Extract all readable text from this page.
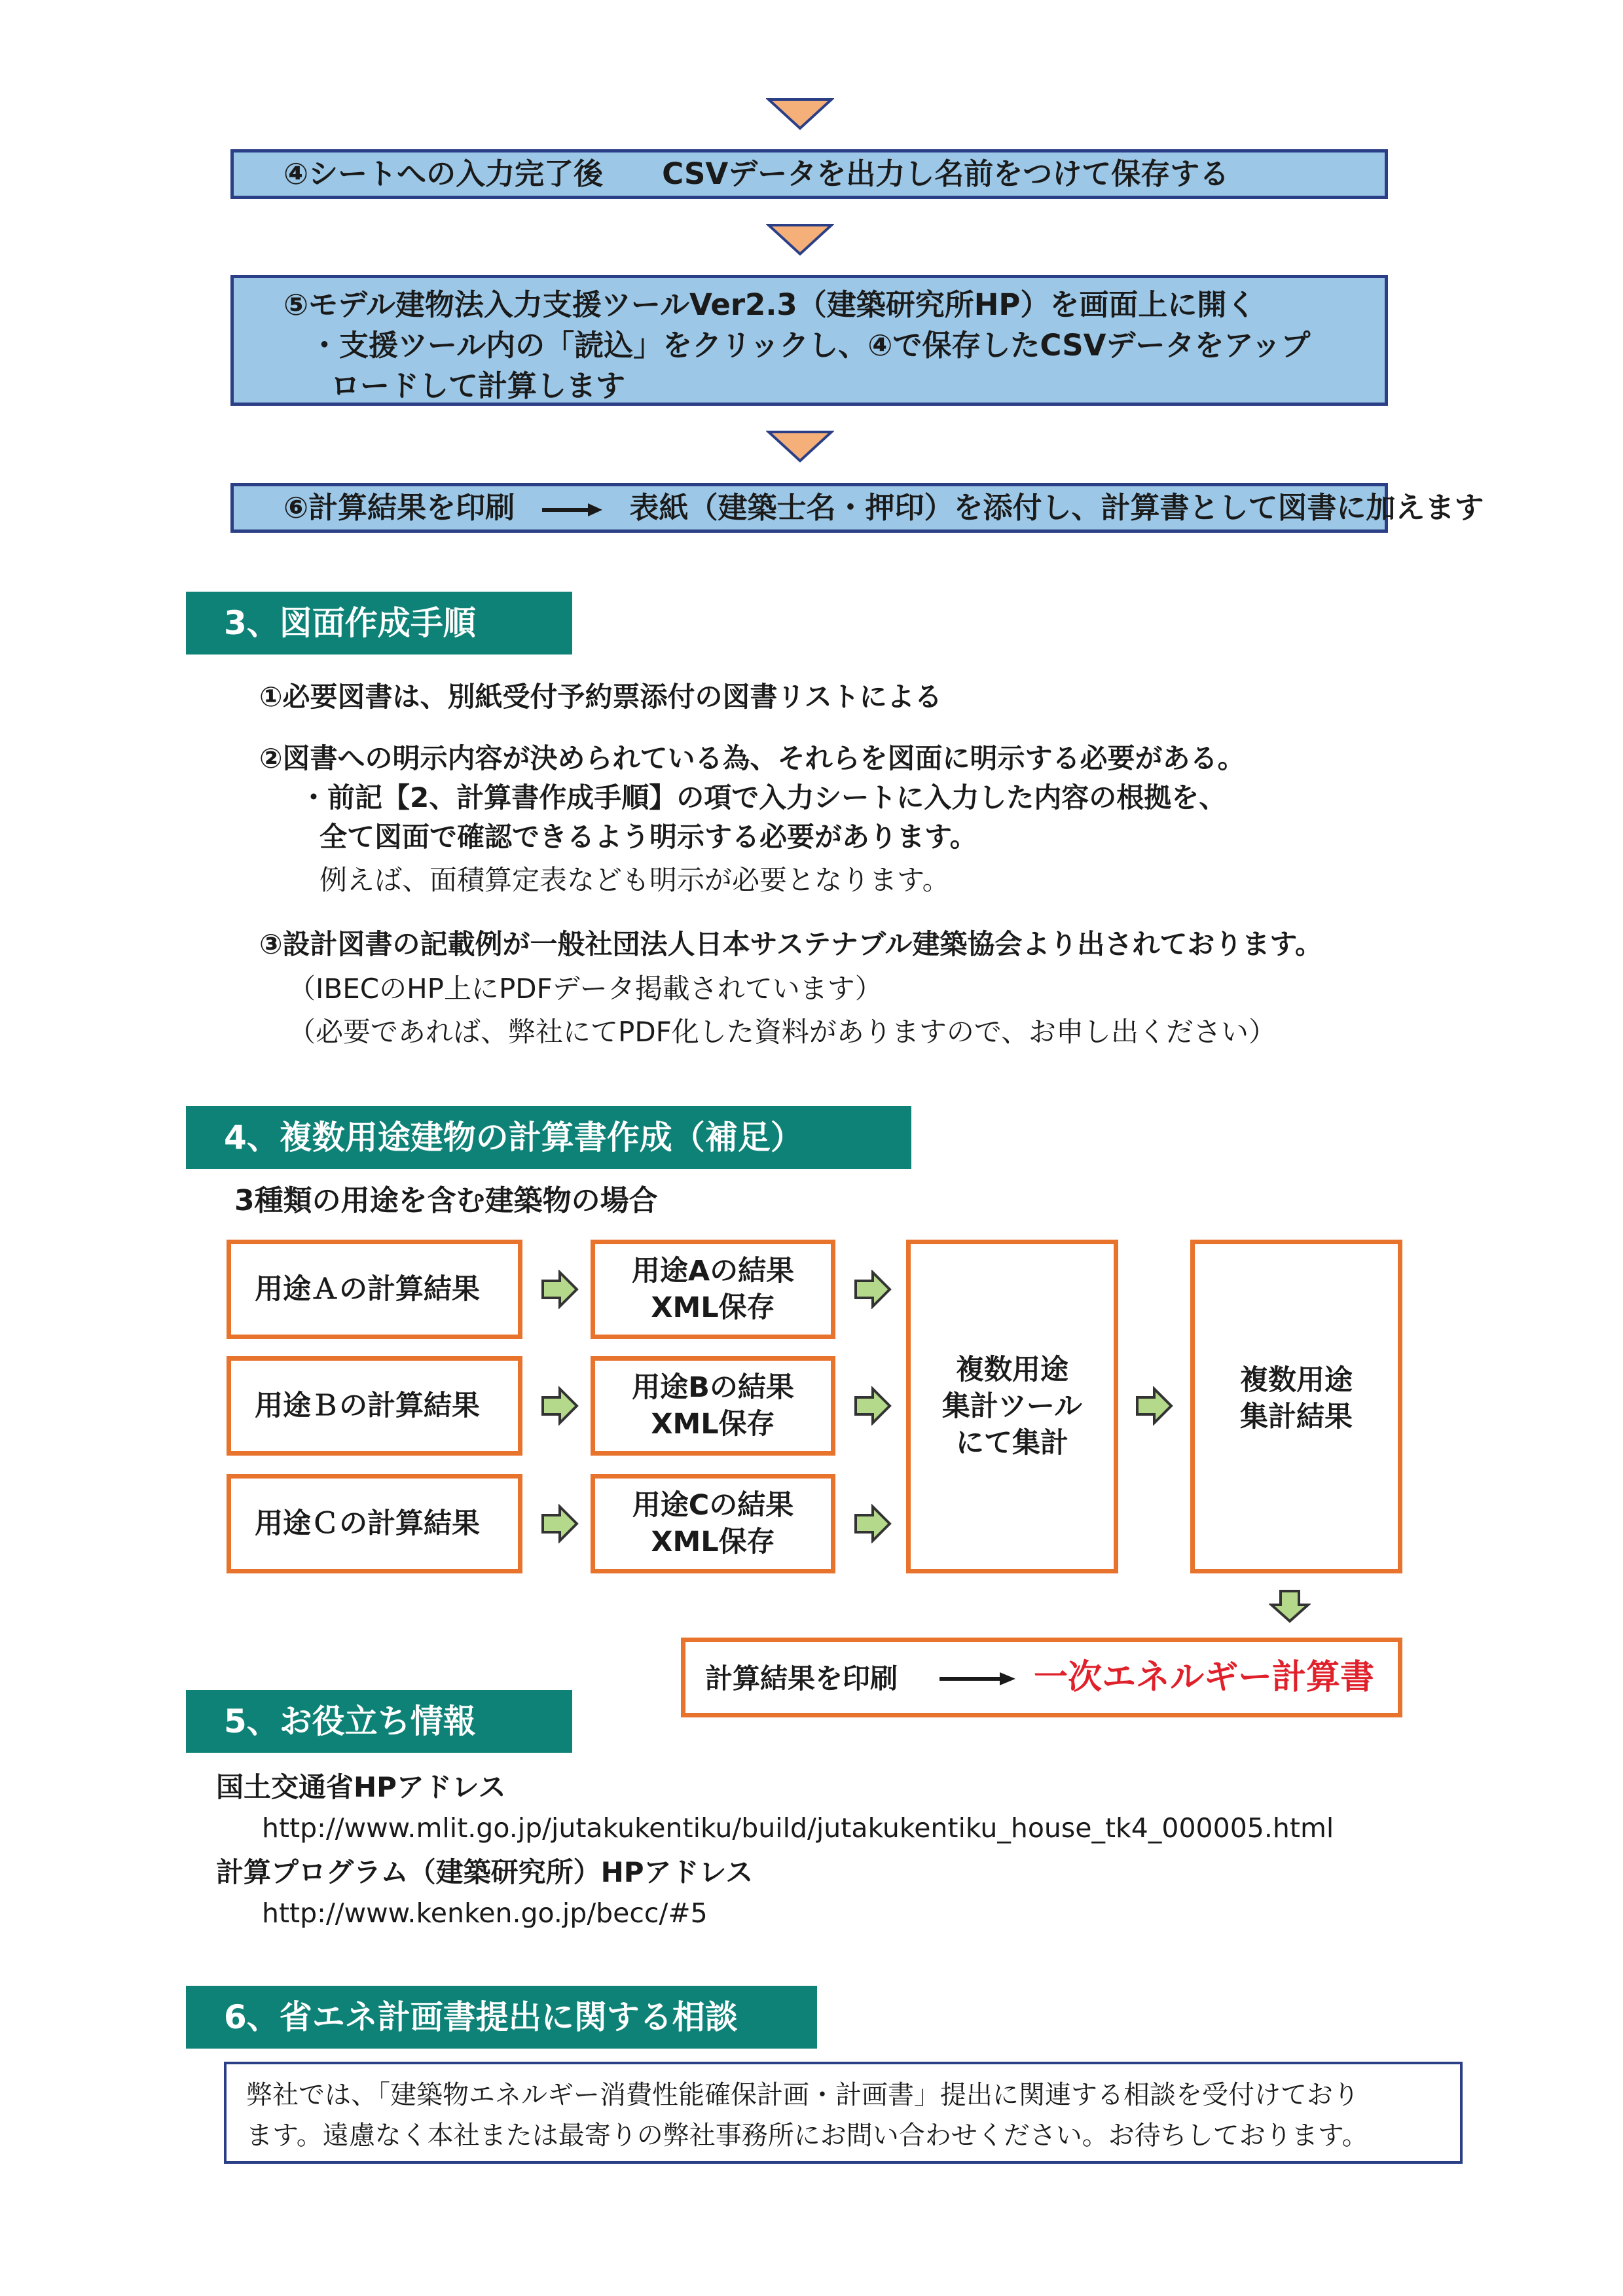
④シートへの入力完了後　　CSVデータを出力し名前をつけて保存する
⑤モデル建物法入力支援ツールVer2.3（建築研究所HP）を画面上に開く
・支援ツール内の「読込」をクリックし、④で保存したCSVデータをアップ
ロードして計算します
⑥計算結果を印刷	表紙（建築士名・押印）を添付し、計算書として図書に加えます
3、図面作成手順
①必要図書は、別紙受付予約票添付の図書リストによる
②図書への明示内容が決められている為、それらを図面に明示する必要がある。
・前記【2、計算書作成手順】の項で入力シートに入力した内容の根拠を、
全て図面で確認できるよう明示する必要があります。
例えば、面積算定表なども明示が必要となります。
③設計図書の記載例が一般社団法人日本サステナブル建築協会より出されております。
（IBECのHP上にPDFデータ掲載されています）
（必要であれば、弊社にてPDF化した資料がありますので、お申し出ください）
4、複数用途建物の計算書作成（補足）
3種類の用途を含む建築物の場合
用途Ａの計算結果
用途Ｂの計算結果
用途Ｃの計算結果
用途Aの結果
XML保存
用途Bの結果
XML保存
用途Cの結果
XML保存
複数用途
集計ツール
にて集計
複数用途
集計結果
計算結果を印刷	一次エネルギー計算書
5、お役立ち情報
国土交通省HPアドレス
http://www.mlit.go.jp/jutakukentiku/build/jutakukentiku_house_tk4_000005.html
計算プログラム（建築研究所）HPアドレス
http://www.kenken.go.jp/becc/#5
6、省エネ計画書提出に関する相談
弊社では、「建築物エネルギー消費性能確保計画・計画書」提出に関連する相談を受付けており
ます。遠慮なく本社または最寄りの弊社事務所にお問い合わせください。お待ちしております。
